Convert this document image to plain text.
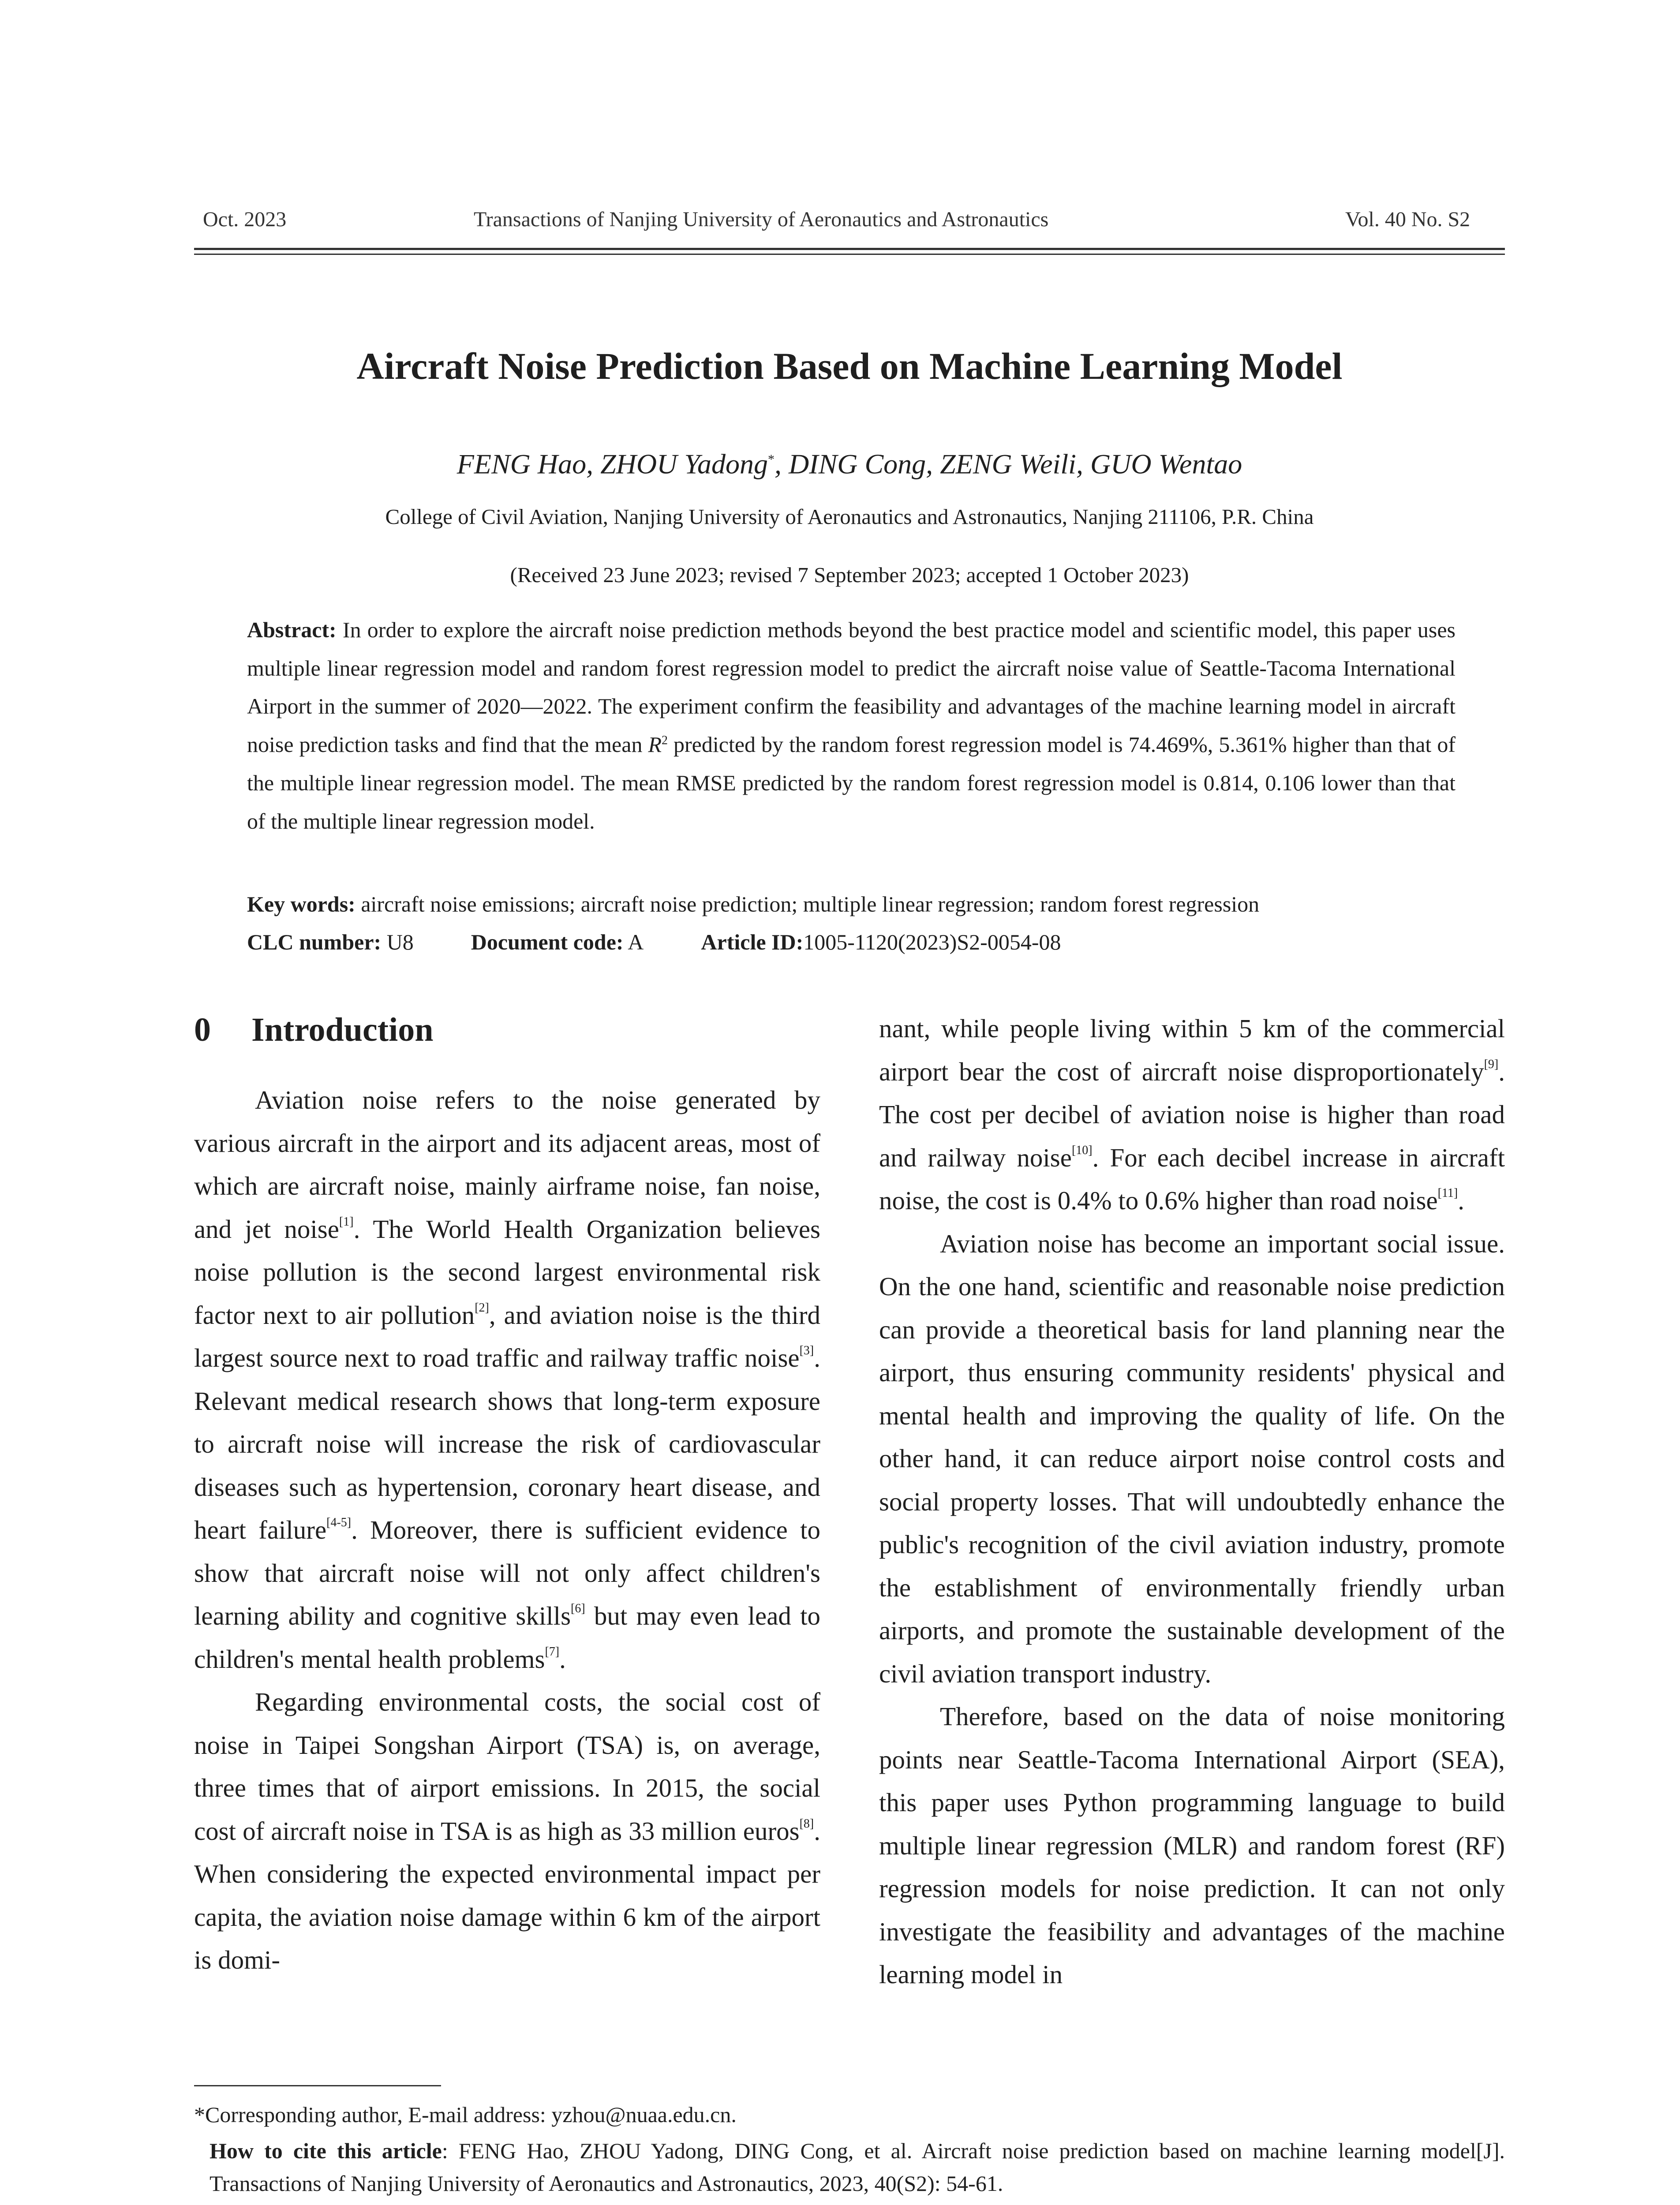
Oct. 2023	Transactions of Nanjing University of Aeronautics and Astronautics	Vol. 40 No. S2
Aircraft Noise Prediction Based on Machine Learning Model
FENG Hao, ZHOU Yadong*, DING Cong, ZENG Weili, GUO Wentao
College of Civil Aviation, Nanjing University of Aeronautics and Astronautics, Nanjing 211106, P.R. China
(Received 23 June 2023; revised 7 September 2023; accepted 1 October 2023)
Abstract: In order to explore the aircraft noise prediction methods beyond the best practice model and scientific model, this paper uses multiple linear regression model and random forest regression model to predict the aircraft noise value of Seattle-Tacoma International Airport in the summer of 2020—2022. The experiment confirm the feasibility and advantages of the machine learning model in aircraft noise prediction tasks and find that the mean $R^2$ predicted by the random forest regression model is 74.469%, 5.361% higher than that of the multiple linear regression model. The mean RMSE predicted by the random forest regression model is 0.814, 0.106 lower than that of the multiple linear regression model.
Key words: aircraft noise emissions; aircraft noise prediction; multiple linear regression; random forest regression
CLC number: U8	Document code: A	Article ID:1005-1120(2023)S2-0054-08
0 Introduction

Aviation noise refers to the noise generated by various aircraft in the airport and its adjacent areas, most of which are aircraft noise, mainly airframe noise, fan noise, and jet noise[1]. The World Health Organization believes noise pollution is the second largest environmental risk factor next to air pollution[2], and aviation noise is the third largest source next to road traffic and railway traffic noise[3]. Relevant medical research shows that long-term exposure to aircraft noise will increase the risk of cardiovascular diseases such as hypertension, coronary heart disease, and heart failure[4-5]. Moreover, there is sufficient evidence to show that aircraft noise will not only affect children's learning ability and cognitive skills[6] but may even lead to children's mental health problems[7].

Regarding environmental costs, the social cost of noise in Taipei Songshan Airport (TSA) is, on average, three times that of airport emissions. In 2015, the social cost of aircraft noise in TSA is as high as 33 million euros[8]. When considering the expected environmental impact per capita, the aviation noise damage within 6 km of the airport is domi-

nant, while people living within 5 km of the commercial airport bear the cost of aircraft noise disproportionately[9]. The cost per decibel of aviation noise is higher than road and railway noise[10]. For each decibel increase in aircraft noise, the cost is 0.4% to 0.6% higher than road noise[11].

Aviation noise has become an important social issue. On the one hand, scientific and reasonable noise prediction can provide a theoretical basis for land planning near the airport, thus ensuring community residents' physical and mental health and improving the quality of life. On the other hand, it can reduce airport noise control costs and social property losses. That will undoubtedly enhance the public's recognition of the civil aviation industry, promote the establishment of environmentally friendly urban airports, and promote the sustainable development of the civil aviation transport industry.

Therefore, based on the data of noise monitoring points near Seattle-Tacoma International Airport (SEA), this paper uses Python programming language to build multiple linear regression (MLR) and random forest (RF) regression models for noise prediction. It can not only investigate the feasibility and advantages of the machine learning model in

*Corresponding author, E-mail address: yzhou@nuaa.edu.cn.
How to cite this article: FENG Hao, ZHOU Yadong, DING Cong, et al. Aircraft noise prediction based on machine learning model[J]. Transactions of Nanjing University of Aeronautics and Astronautics, 2023, 40(S2): 54-61.
